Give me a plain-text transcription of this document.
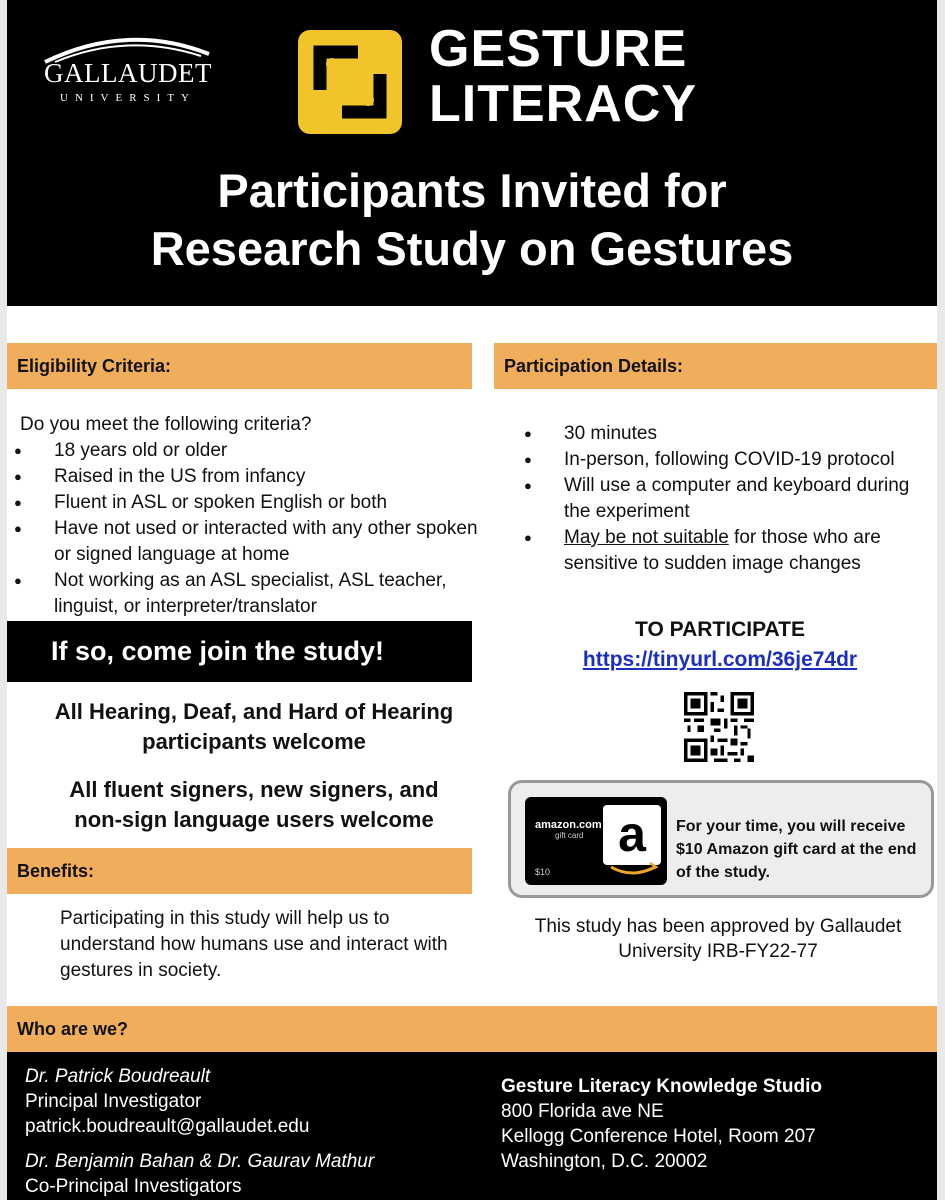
GALLAUDET
UNIVERSITY
GESTURE
LITERACY
Participants Invited for
Research Study on Gestures
Eligibility Criteria:	Participation Details:
Do you meet the following criteria?
● 18 years old or older
● Raised in the US from infancy
● Fluent in ASL or spoken English or both
● Have not used or interacted with any other spoken or signed language at home
● Not working as an ASL specialist, ASL teacher, linguist, or interpreter/translator
If so, come join the study!
All Hearing, Deaf, and Hard of Hearing
participants welcome
All fluent signers, new signers, and
non-sign language users welcome
Benefits:
Participating in this study will help us to understand how humans use and interact with gestures in society.
● 30 minutes
● In-person, following COVID-19 protocol
● Will use a computer and keyboard during the experiment
● May be not suitable for those who are sensitive to sudden image changes
TO PARTICIPATE
https://tinyurl.com/36je74dr
amazon.com
gift card
$10
a For your time, you will receive $10 Amazon gift card at the end of the study.
This study has been approved by Gallaudet
University IRB-FY22-77
Who are we?
Dr. Patrick Boudreault
Principal Investigator
patrick.boudreault@gallaudet.edu
Dr. Benjamin Bahan & Dr. Gaurav Mathur
Co-Principal Investigators
Gesture Literacy Knowledge Studio
800 Florida ave NE
Kellogg Conference Hotel, Room 207
Washington, D.C. 20002
